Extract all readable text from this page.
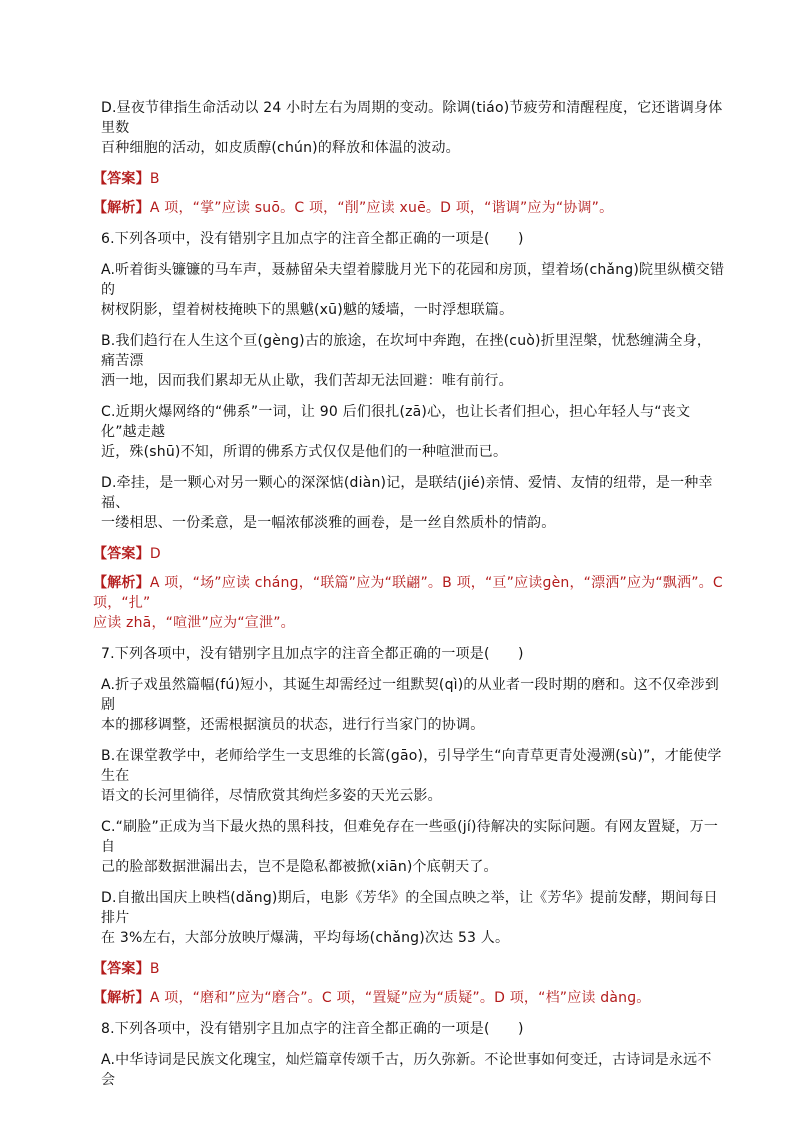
D.昼夜节律指生命活动以 24 小时左右为周期的变动。除调(tiáo)节疲劳和清醒程度，它还谐调身体里数
百种细胞的活动，如皮质醇(chún)的释放和体温的波动。
【答案】B
【解析】A 项，“掌”应读 suō。C 项，“削”应读 xuē。D 项，“谐调”应为“协调”。
6.下列各项中，没有错别字且加点字的注音全都正确的一项是(　　)
A.听着街头镰镰的马车声，聂赫留朵夫望着朦胧月光下的花园和房顶，望着场(chǎng)院里纵横交错的
树杈阴影，望着树枝掩映下的黑魆(xū)魆的矮墙，一时浮想联篇。
B.我们趋行在人生这个亘(gèng)古的旅途，在坎坷中奔跑，在挫(cuò)折里涅槃，忧愁缠满全身，痛苦漂
洒一地，因而我们累却无从止歇，我们苦却无法回避：唯有前行。
C.近期火爆网络的“佛系”一词，让 90 后们很扎(zā)心，也让长者们担心，担心年轻人与“丧文化”越走越
近，殊(shū)不知，所谓的佛系方式仅仅是他们的一种喧泄而已。
D.牵挂，是一颗心对另一颗心的深深惦(diàn)记，是联结(jié)亲情、爱情、友情的纽带，是一种幸福、
一缕相思、一份柔意，是一幅浓郁淡雅的画卷，是一丝自然质朴的情韵。
【答案】D
【解析】A 项，“场”应读 chánɡ，“联篇”应为“联翩”。B 项，“亘”应读ɡèn，“漂洒”应为“飘洒”。C 项，“扎”
应读 zhā，“喧泄”应为“宣泄”。
7.下列各项中，没有错别字且加点字的注音全都正确的一项是(　　)
A.折子戏虽然篇幅(fú)短小，其诞生却需经过一组默契(qì)的从业者一段时期的磨和。这不仅牵涉到剧
本的挪移调整，还需根据演员的状态，进行行当家门的协调。
B.在课堂教学中，老师给学生一支思维的长篙(gāo)，引导学生“向青草更青处漫溯(sù)”，才能使学生在
语文的长河里徜徉，尽情欣赏其绚烂多姿的天光云影。
C.“刷脸”正成为当下最火热的黑科技，但难免存在一些亟(jí)待解决的实际问题。有网友置疑，万一自
己的脸部数据泄漏出去，岂不是隐私都被掀(xiān)个底朝天了。
D.自撤出国庆上映档(dǎng)期后，电影《芳华》的全国点映之举，让《芳华》提前发酵，期间每日排片
在 3%左右，大部分放映厅爆满，平均每场(chǎng)次达 53 人。
【答案】B
【解析】A 项，“磨和”应为“磨合”。C 项，“置疑”应为“质疑”。D 项，“档”应读 dànɡ。
8.下列各项中，没有错别字且加点字的注音全都正确的一项是(　　)
A.中华诗词是民族文化瑰宝，灿烂篇章传颂千古，历久弥新。不论世事如何变迁，古诗词是永远不会
